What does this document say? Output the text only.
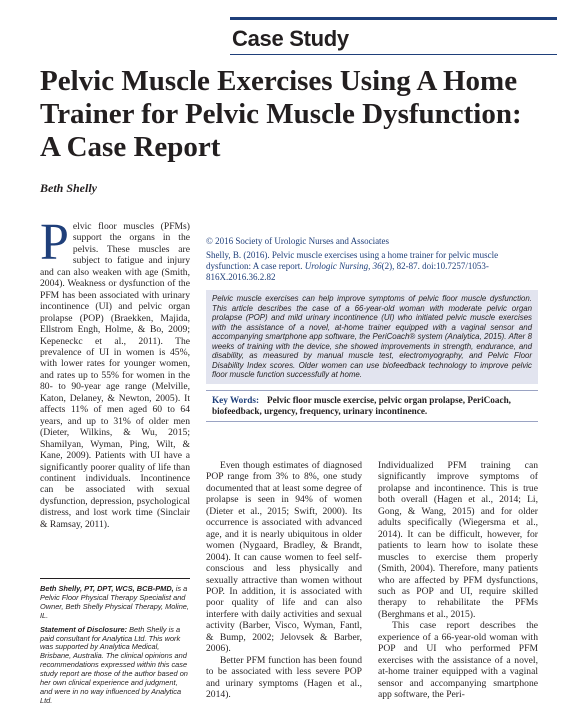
Case Study
Pelvic Muscle Exercises Using A Home Trainer for Pelvic Muscle Dysfunction: A Case Report
Beth Shelly
Pelvic floor muscles (PFMs) support the organs in the pelvis. These muscles are subject to fatigue and injury and can also weaken with age (Smith, 2004). Weakness or dysfunction of the PFM has been associated with urinary incontinence (UI) and pelvic organ prolapse (POP) (Braekken, Majida, Ellstrom Engh, Holme, & Bo, 2009; Kepeneckc et al., 2011). The prevalence of UI in women is 45%, with lower rates for younger women, and rates up to 55% for women in the 80- to 90-year age range (Melville, Katon, Delaney, & Newton, 2005). It affects 11% of men aged 60 to 64 years, and up to 31% of older men (Dieter, Wilkins, & Wu, 2015; Shamilyan, Wyman, Ping, Wilt, & Kane, 2009). Patients with UI have a significantly poorer quality of life than continent individuals. Incontinence can be associated with sexual dysfunction, depression, psychological distress, and lost work time (Sinclair & Ramsay, 2011).

Beth Shelly, PT, DPT, WCS, BCB-PMD, is a Pelvic Floor Physical Therapy Specialist and Owner, Beth Shelly Physical Therapy, Moline, IL.

Statement of Disclosure: Beth Shelly is a paid consultant for Analytica Ltd. This work was supported by Analytica Medical, Brisbane, Australia. The clinical opinions and recommendations expressed within this case study report are those of the author based on her own clinical experience and judgment, and were in no way influenced by Analytica Ltd.

© 2016 Society of Urologic Nurses and Associates
Shelly, B. (2016). Pelvic muscle exercises using a home trainer for pelvic muscle dysfunction: A case report. Urologic Nursing, 36(2), 82-87. doi:10.7257/1053-816X.2016.36.2.82
Pelvic muscle exercises can help improve symptoms of pelvic floor muscle dysfunction. This article describes the case of a 66-year-old woman with moderate pelvic organ prolapse (POP) and mild urinary incontinence (UI) who initiated pelvic muscle exercises with the assistance of a novel, at-home trainer equipped with a vaginal sensor and accompanying smartphone app software, the PeriCoach® system (Analytica, 2015). After 8 weeks of training with the device, she showed improvements in strength, endurance, and disability, as measured by manual muscle test, electromyography, and Pelvic Floor Disability Index scores. Older women can use biofeedback technology to improve pelvic floor muscle function successfully at home.
Key Words: Pelvic floor muscle exercise, pelvic organ prolapse, PeriCoach, biofeedback, urgency, frequency, urinary incontinence.
Even though estimates of diagnosed POP range from 3% to 8%, one study documented that at least some degree of prolapse is seen in 94% of women (Dieter et al., 2015; Swift, 2000). Its occurrence is associated with advanced age, and it is nearly ubiquitous in older women (Nygaard, Bradley, & Brandt, 2004). It can cause women to feel self-conscious and less physically and sexually attractive than women without POP. In addition, it is associated with poor quality of life and can also interfere with daily activities and sexual activity (Barber, Visco, Wyman, Fantl, & Bump, 2002; Jelovsek & Barber, 2006).
Better PFM function has been found to be associated with less severe POP and urinary symptoms (Hagen et al., 2014).
Individualized PFM training can significantly improve symptoms of prolapse and incontinence. This is true both overall (Hagen et al., 2014; Li, Gong, & Wang, 2015) and for older adults specifically (Wiegersma et al., 2014). It can be difficult, however, for patients to learn how to isolate these muscles to exercise them properly (Smith, 2004). Therefore, many patients who are affected by PFM dysfunctions, such as POP and UI, require skilled therapy to rehabilitate the PFMs (Berghmans et al., 2015).
This case report describes the experience of a 66-year-old woman with POP and UI who performed PFM exercises with the assistance of a novel, at-home trainer equipped with a vaginal sensor and accompanying smartphone app software, the Peri-
